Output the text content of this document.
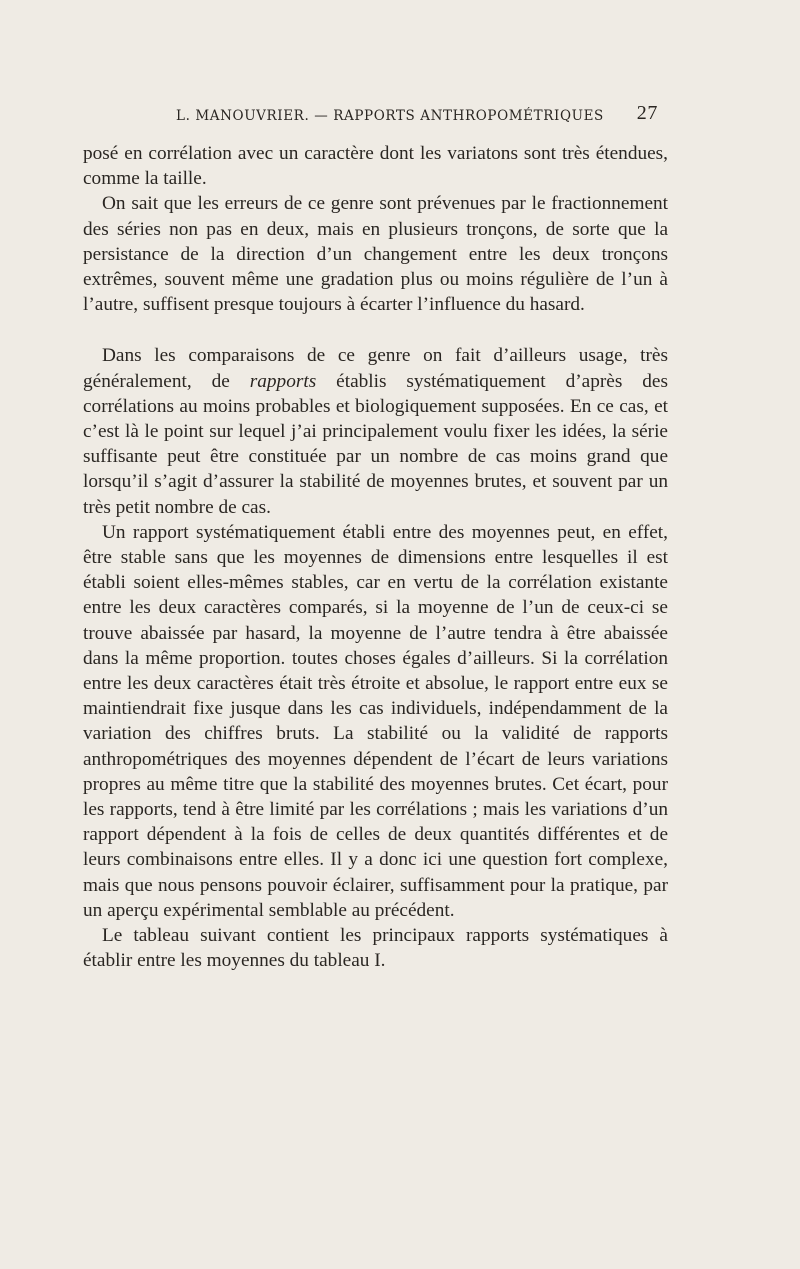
L. MANOUVRIER. — RAPPORTS ANTHROPOMÉTRIQUES 27

posé en corrélation avec un caractère dont les variatons sont très étendues, comme la taille.

On sait que les erreurs de ce genre sont prévenues par le fractionnement des séries non pas en deux, mais en plusieurs tronçons, de sorte que la persistance de la direction d’un changement entre les deux tronçons extrêmes, souvent même une gradation plus ou moins régulière de l’un à l’autre, suffisent presque toujours à écarter l’influence du hasard.

Dans les comparaisons de ce genre on fait d’ailleurs usage, très généralement, de rapports établis systématiquement d’après des corrélations au moins probables et biologiquement supposées. En ce cas, et c’est là le point sur lequel j’ai principalement voulu fixer les idées, la série suffisante peut être constituée par un nombre de cas moins grand que lorsqu’il s’agit d’assurer la stabilité de moyennes brutes, et souvent par un très petit nombre de cas.

Un rapport systématiquement établi entre des moyennes peut, en effet, être stable sans que les moyennes de dimensions entre lesquelles il est établi soient elles-mêmes stables, car en vertu de la corrélation existante entre les deux caractères comparés, si la moyenne de l’un de ceux-ci se trouve abaissée par hasard, la moyenne de l’autre tendra à être abaissée dans la même proportion. toutes choses égales d’ailleurs. Si la corrélation entre les deux caractères était très étroite et absolue, le rapport entre eux se maintiendrait fixe jusque dans les cas individuels, indépendamment de la variation des chiffres bruts. La stabilité ou la validité de rapports anthropométriques des moyennes dépendent de l’écart de leurs variations propres au même titre que la stabilité des moyennes brutes. Cet écart, pour les rapports, tend à être limité par les corrélations ; mais les variations d’un rapport dépendent à la fois de celles de deux quantités différentes et de leurs combinaisons entre elles. Il y a donc ici une question fort complexe, mais que nous pensons pouvoir éclairer, suffisamment pour la pratique, par un aperçu expérimental semblable au précédent.

Le tableau suivant contient les principaux rapports systématiques à établir entre les moyennes du tableau I.
